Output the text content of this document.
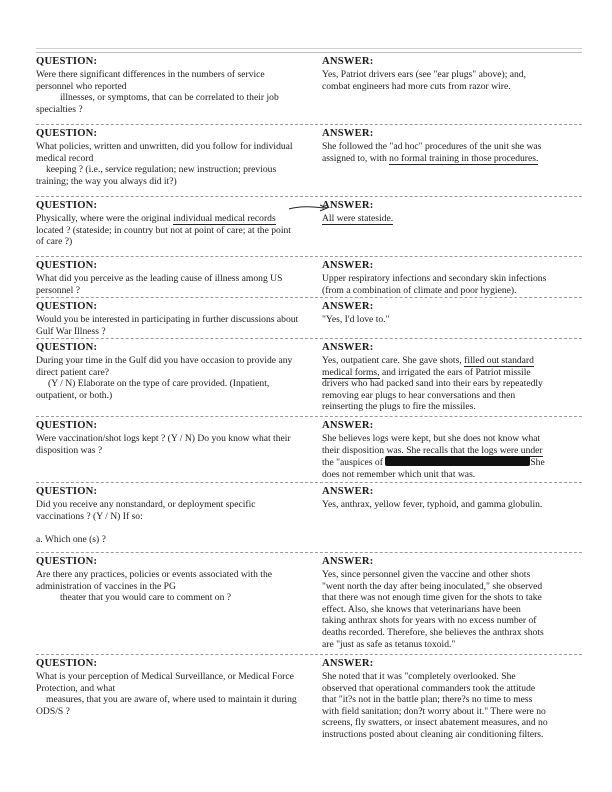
QUESTION:
Were there significant differences in the numbers of service
personnel who reported
illnesses, or symptoms, that can be correlated to their job
specialties ?
ANSWER:
Yes, Patriot drivers ears (see "ear plugs" above); and,
combat engineers had more cuts from razor wire.
QUESTION:
What policies, written and unwritten, did you follow for individual
medical record
keeping ? (i.e., service regulation; new instruction; previous
training; the way you always did it?)
ANSWER:
She followed the "ad hoc" procedures of the unit she was
assigned to, with no formal training in those procedures.
QUESTION:
Physically, where were the original individual medical records
located ? (stateside; in country but not at point of care; at the point
of care ?)
ANSWER:
All were stateside.
QUESTION:
What did you perceive as the leading cause of illness among US
personnel ?
ANSWER:
Upper respiratory infections and secondary skin infections
(from a combination of climate and poor hygiene).
QUESTION:
Would you be interested in participating in further discussions about
Gulf War Illness ?
ANSWER:
"Yes, I'd love to."
QUESTION:
During your time in the Gulf did you have occasion to provide any
direct patient care?
(Y / N) Elaborate on the type of care provided. (Inpatient,
outpatient, or both.)
ANSWER:
Yes, outpatient care. She gave shots, filled out standard
medical forms, and irrigated the ears of Patriot missile
drivers who had packed sand into their ears by repeatedly
removing ear plugs to hear conversations and then
reinserting the plugs to fire the missiles.
QUESTION:
Were vaccination/shot logs kept ? (Y / N) Do you know what their
disposition was ?
ANSWER:
She believes logs were kept, but she does not know what
their disposition was. She recalls that the logs were under
the "auspices of	She
does not remember which unit that was.
QUESTION:
Did you receive any nonstandard, or deployment specific
vaccinations ? (Y / N) If so:
a. Which one (s) ?
ANSWER:
Yes, anthrax, yellow fever, typhoid, and gamma globulin.
QUESTION:
Are there any practices, policies or events associated with the
administration of vaccines in the PG
theater that you would care to comment on ?
ANSWER:
Yes, since personnel given the vaccine and other shots
"went north the day after being inoculated," she observed
that there was not enough time given for the shots to take
effect. Also, she knows that veterinarians have been
taking anthrax shots for years with no excess number of
deaths recorded. Therefore, she believes the anthrax shots
are "just as safe as tetanus toxoid."
QUESTION:
What is your perception of Medical Surveillance, or Medical Force
Protection, and what
measures, that you are aware of, where used to maintain it during
ODS/S ?
ANSWER:
She noted that it was "completely overlooked. She
observed that operational commanders took the attitude
that "it?s not in the battle plan; there?s no time to mess
with field sanitation; don?t worry about it." There were no
screens, fly swatters, or insect abatement measures, and no
instructions posted about cleaning air conditioning filters.
